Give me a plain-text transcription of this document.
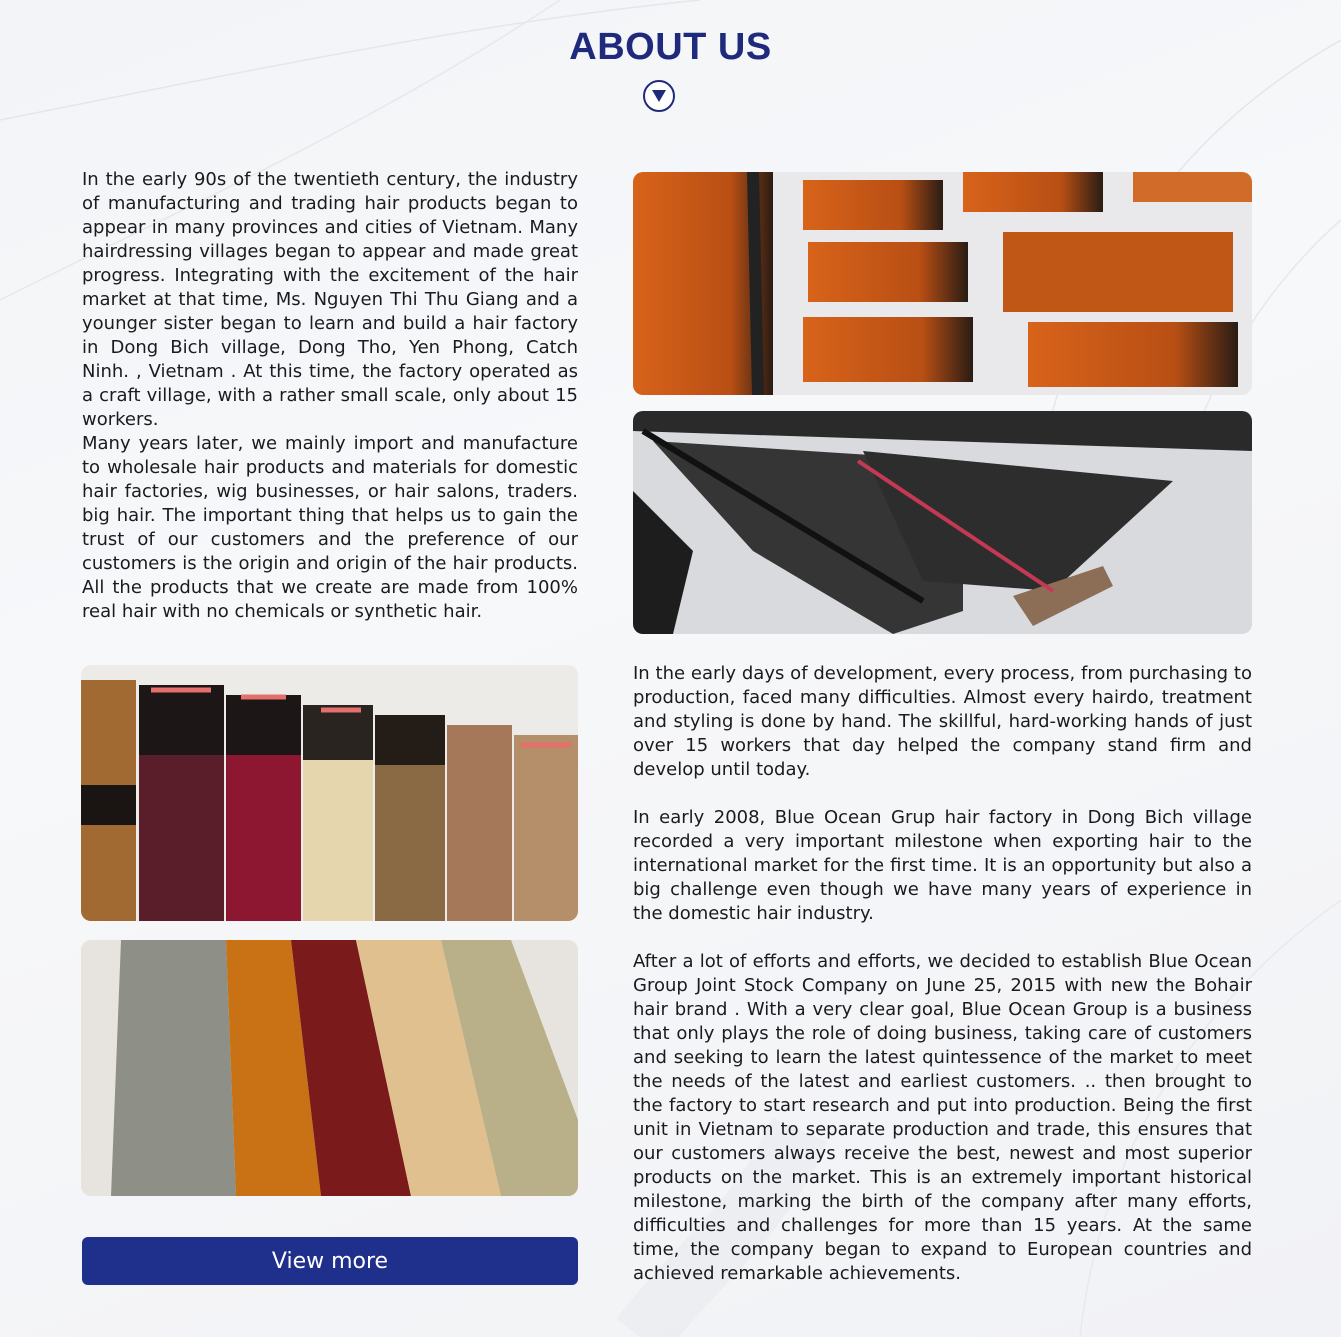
ABOUT US

In the early 90s of the twentieth century, the industry of manufacturing and trading hair products began to appear in many provinces and cities of Vietnam. Many hairdressing villages began to appear and made great progress. Integrating with the excitement of the hair market at that time, Ms. Nguyen Thi Thu Giang and a younger sister began to learn and build a hair factory in Dong Bich village, Dong Tho, Yen Phong, Catch Ninh. , Vietnam . At this time, the factory operated as a craft village, with a rather small scale, only about 15 workers.

Many years later, we mainly import and manufacture to wholesale hair products and materials for domestic hair factories, wig businesses, or hair salons, traders. big hair. The important thing that helps us to gain the trust of our customers and the preference of our customers is the origin and origin of the hair products. All the products that we create are made from 100% real hair with no chemicals or synthetic hair.

In the early days of development, every process, from purchasing to production, faced many difficulties. Almost every hairdo, treatment and styling is done by hand. The skillful, hard-working hands of just over 15 workers that day helped the company stand firm and develop until today.

In early 2008, Blue Ocean Grup hair factory in Dong Bich village recorded a very important milestone when exporting hair to the international market for the first time. It is an opportunity but also a big challenge even though we have many years of experience in the domestic hair industry.

After a lot of efforts and efforts, we decided to establish Blue Ocean Group Joint Stock Company on June 25, 2015 with new the Bohair hair brand . With a very clear goal, Blue Ocean Group is a business that only plays the role of doing business, taking care of customers and seeking to learn the latest quintessence of the market to meet the needs of the latest and earliest customers. .. then brought to the factory to start research and put into production. Being the first unit in Vietnam to separate production and trade, this ensures that our customers always receive the best, newest and most superior products on the market. This is an extremely important historical milestone, marking the birth of the company after many efforts, difficulties and challenges for more than 15 years. At the same time, the company began to expand to European countries and achieved remarkable achievements.

View more
